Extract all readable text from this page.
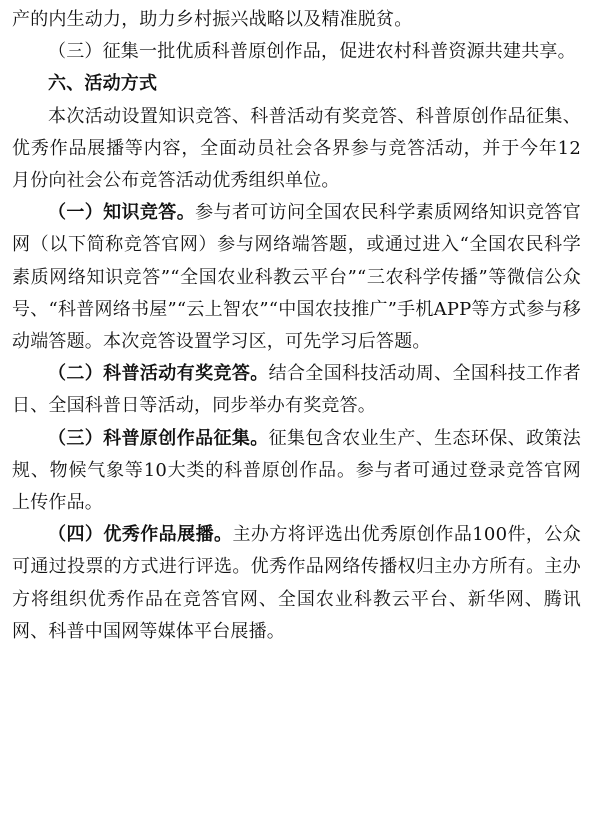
产的内生动力，助力乡村振兴战略以及精准脱贫。

（三）征集一批优质科普原创作品，促进农村科普资源共建共享。

六、活动方式

本次活动设置知识竞答、科普活动有奖竞答、科普原创作品征集、优秀作品展播等内容，全面动员社会各界参与竞答活动，并于今年12月份向社会公布竞答活动优秀组织单位。

（一）知识竞答。参与者可访问全国农民科学素质网络知识竞答官网（以下简称竞答官网）参与网络端答题，或通过进入“全国农民科学素质网络知识竞答”“全国农业科教云平台”“三农科学传播”等微信公众号、“科普网络书屋”“云上智农”“中国农技推广”手机APP等方式参与移动端答题。本次竞答设置学习区，可先学习后答题。

（二）科普活动有奖竞答。结合全国科技活动周、全国科技工作者日、全国科普日等活动，同步举办有奖竞答。

（三）科普原创作品征集。征集包含农业生产、生态环保、政策法规、物候气象等10大类的科普原创作品。参与者可通过登录竞答官网上传作品。

（四）优秀作品展播。主办方将评选出优秀原创作品100件，公众可通过投票的方式进行评选。优秀作品网络传播权归主办方所有。主办方将组织优秀作品在竞答官网、全国农业科教云平台、新华网、腾讯网、科普中国网等媒体平台展播。
